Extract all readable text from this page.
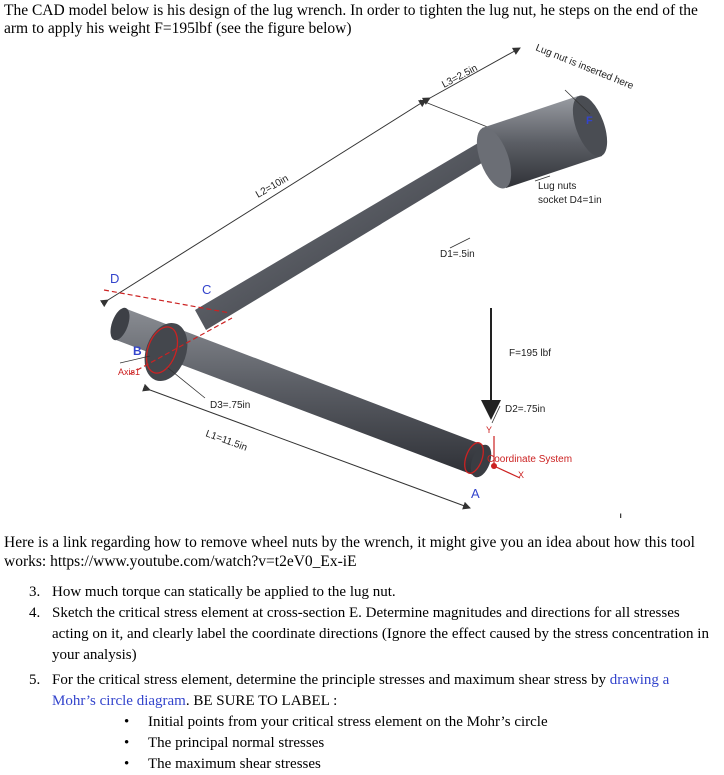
The CAD model below is his design of the lug wrench. In order to tighten the lug nut, he steps on the end of the arm to apply his weight F=195lbf (see the figure below)
Lug nut is inserted here
F
L3=2.5in
L2=10in	Lug nuts
socket D4=1in
D1=.5in
D
C
B
Axis1
F=195 lbf
D3=.75in	D2=.75in
L1=11.5in
Coordinate System
Y
X
A
I
Here is a link regarding how to remove wheel nuts by the wrench, it might give you an idea about how this tool works: https://www.youtube.com/watch?v=t2eV0_Ex-iE
3. How much torque can statically be applied to the lug nut.
4. Sketch the critical stress element at cross-section E. Determine magnitudes and directions for all stresses acting on it, and clearly label the coordinate directions (Ignore the effect caused by the stress concentration in your analysis)
5. For the critical stress element, determine the principle stresses and maximum shear stress by drawing a Mohr’s circle diagram. BE SURE TO LABEL :
• Initial points from your critical stress element on the Mohr’s circle
• The principal normal stresses
• The maximum shear stresses
